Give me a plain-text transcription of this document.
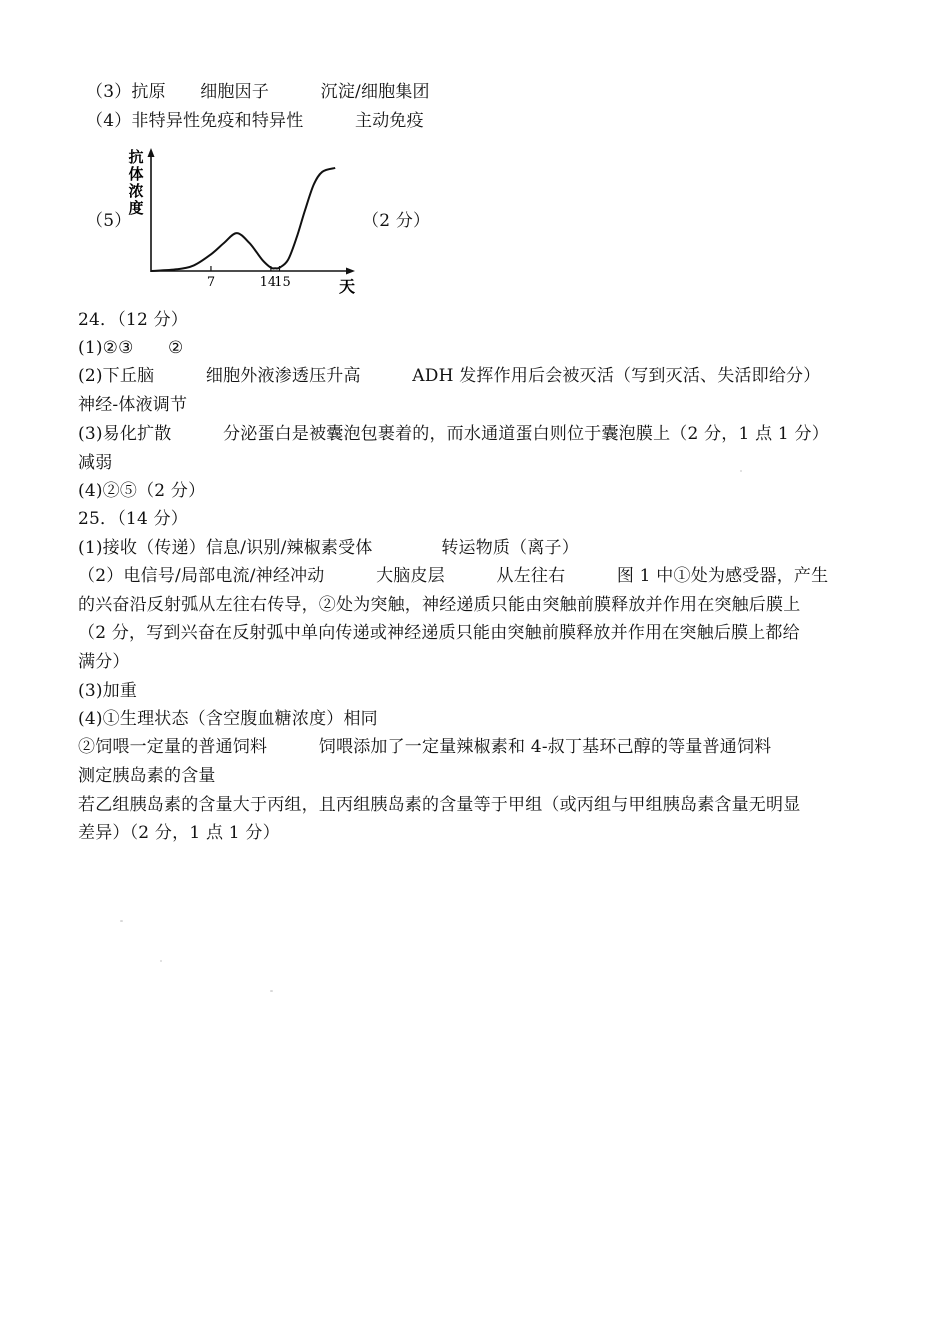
（3）抗原　　细胞因子　　　沉淀/细胞集团
（4）非特异性免疫和特异性　　　主动免疫
（5）	（2 分）
抗
体
浓
度
7	14
15	天
24．（12 分）
(1)②③　　②
(2)下丘脑　　　细胞外液渗透压升高　　　ADH 发挥作用后会被灭活（写到灭活、失活即给分）
神经-体液调节
(3)易化扩散　　　分泌蛋白是被囊泡包裹着的，而水通道蛋白则位于囊泡膜上（2 分，1 点 1 分）
减弱
(4)②⑤（2 分）
25．（14 分）
(1)接收（传递）信息/识别/辣椒素受体　　　　转运物质（离子）
（2）电信号/局部电流/神经冲动　　　大脑皮层　　　从左往右　　　图 1 中①处为感受器，产生
的兴奋沿反射弧从左往右传导，②处为突触，神经递质只能由突触前膜释放并作用在突触后膜上
（2 分，写到兴奋在反射弧中单向传递或神经递质只能由突触前膜释放并作用在突触后膜上都给
满分）
(3)加重
(4)①生理状态（含空腹血糖浓度）相同
②饲喂一定量的普通饲料　　　饲喂添加了一定量辣椒素和 4-叔丁基环己醇的等量普通饲料
测定胰岛素的含量
若乙组胰岛素的含量大于丙组，且丙组胰岛素的含量等于甲组（或丙组与甲组胰岛素含量无明显
差异）（2 分，1 点 1 分）
